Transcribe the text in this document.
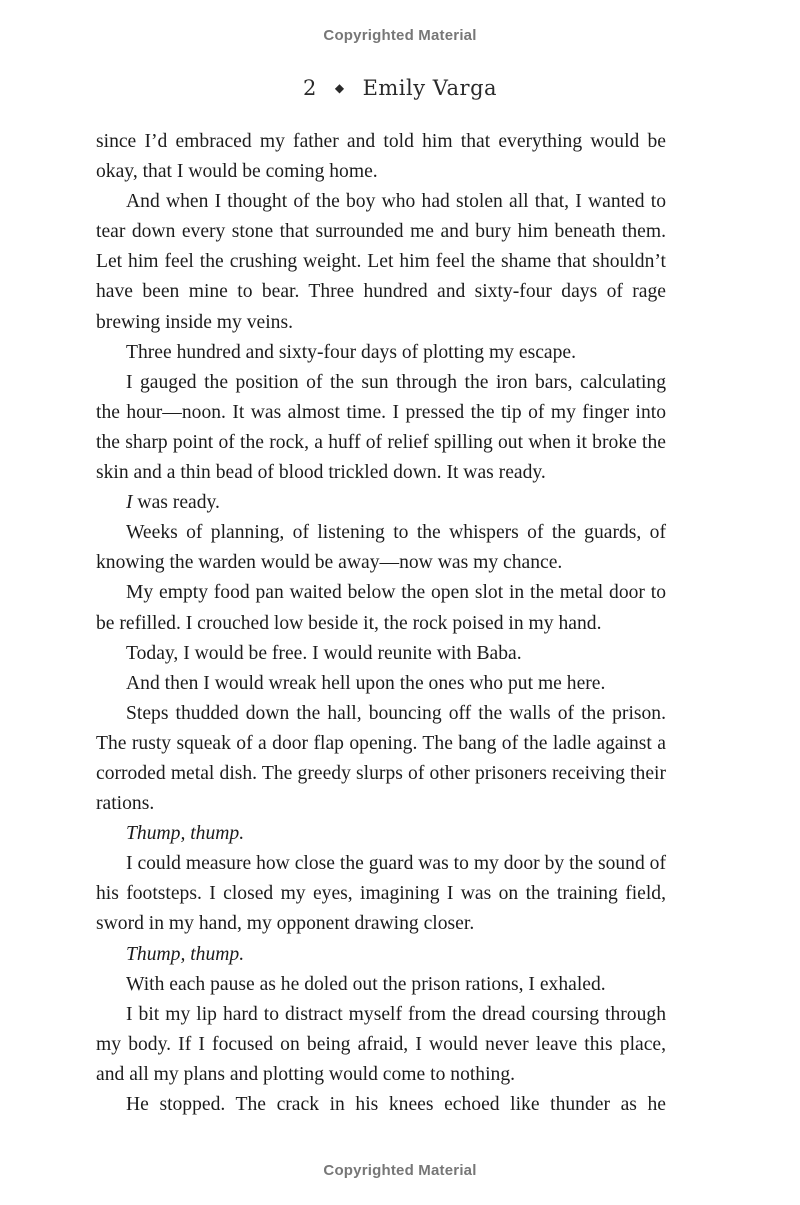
Copyrighted Material
2 ◆ Emily Varga

since I’d embraced my father and told him that everything would be okay, that I would be coming home.

And when I thought of the boy who had stolen all that, I wanted to tear down every stone that surrounded me and bury him beneath them. Let him feel the crushing weight. Let him feel the shame that shouldn’t have been mine to bear. Three hundred and sixty-four days of rage brewing inside my veins.

Three hundred and sixty-four days of plotting my escape.

I gauged the position of the sun through the iron bars, calculating the hour—noon. It was almost time. I pressed the tip of my finger into the sharp point of the rock, a huff of relief spilling out when it broke the skin and a thin bead of blood trickled down. It was ready.

I was ready.

Weeks of planning, of listening to the whispers of the guards, of knowing the warden would be away—now was my chance.

My empty food pan waited below the open slot in the metal door to be refilled. I crouched low beside it, the rock poised in my hand.

Today, I would be free. I would reunite with Baba.

And then I would wreak hell upon the ones who put me here.

Steps thudded down the hall, bouncing off the walls of the prison. The rusty squeak of a door flap opening. The bang of the ladle against a corroded metal dish. The greedy slurps of other prisoners receiving their rations.

Thump, thump.

I could measure how close the guard was to my door by the sound of his footsteps. I closed my eyes, imagining I was on the training field, sword in my hand, my opponent drawing closer.

Thump, thump.

With each pause as he doled out the prison rations, I exhaled.

I bit my lip hard to distract myself from the dread coursing through my body. If I focused on being afraid, I would never leave this place, and all my plans and plotting would come to nothing.

He stopped. The crack in his knees echoed like thunder as he

Copyrighted Material
